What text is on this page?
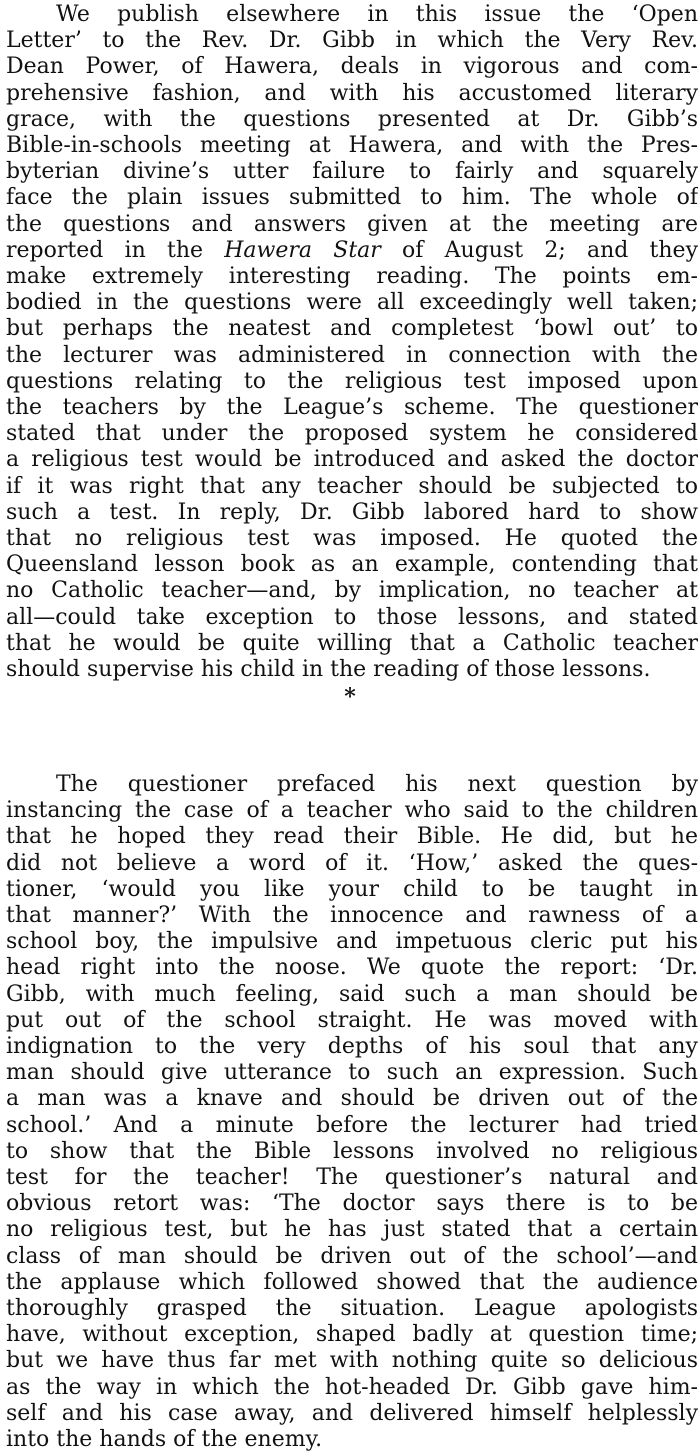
We publish elsewhere in this issue the ‘Open
Letter’ to the Rev. Dr. Gibb in which the Very Rev.
Dean Power, of Hawera, deals in vigorous and com-
prehensive fashion, and with his accustomed literary
grace, with the questions presented at Dr. Gibb’s
Bible-in-schools meeting at Hawera, and with the Pres-
byterian divine’s utter failure to fairly and squarely
face the plain issues submitted to him. The whole of
the questions and answers given at the meeting are
reported in the Hawera Star of August 2; and they
make extremely interesting reading. The points em-
bodied in the questions were all exceedingly well taken;
but perhaps the neatest and completest ‘bowl out’ to
the lecturer was administered in connection with the
questions relating to the religious test imposed upon
the teachers by the League’s scheme. The questioner
stated that under the proposed system he considered
a religious test would be introduced and asked the doctor
if it was right that any teacher should be subjected to
such a test. In reply, Dr. Gibb labored hard to show
that no religious test was imposed. He quoted the
Queensland lesson book as an example, contending that
no Catholic teacher—and, by implication, no teacher at
all—could take exception to those lessons, and stated
that he would be quite willing that a Catholic teacher
should supervise his child in the reading of those lessons.
*
The questioner prefaced his next question by
instancing the case of a teacher who said to the children
that he hoped they read their Bible. He did, but he
did not believe a word of it. ‘How,’ asked the ques-
tioner, ‘would you like your child to be taught in
that manner?’ With the innocence and rawness of a
school boy, the impulsive and impetuous cleric put his
head right into the noose. We quote the report: ‘Dr.
Gibb, with much feeling, said such a man should be
put out of the school straight. He was moved with
indignation to the very depths of his soul that any
man should give utterance to such an expression. Such
a man was a knave and should be driven out of the
school.’ And a minute before the lecturer had tried
to show that the Bible lessons involved no religious
test for the teacher! The questioner’s natural and
obvious retort was: ‘The doctor says there is to be
no religious test, but he has just stated that a certain
class of man should be driven out of the school’—and
the applause which followed showed that the audience
thoroughly grasped the situation. League apologists
have, without exception, shaped badly at question time;
but we have thus far met with nothing quite so delicious
as the way in which the hot-headed Dr. Gibb gave him-
self and his case away, and delivered himself helplessly
into the hands of the enemy.
